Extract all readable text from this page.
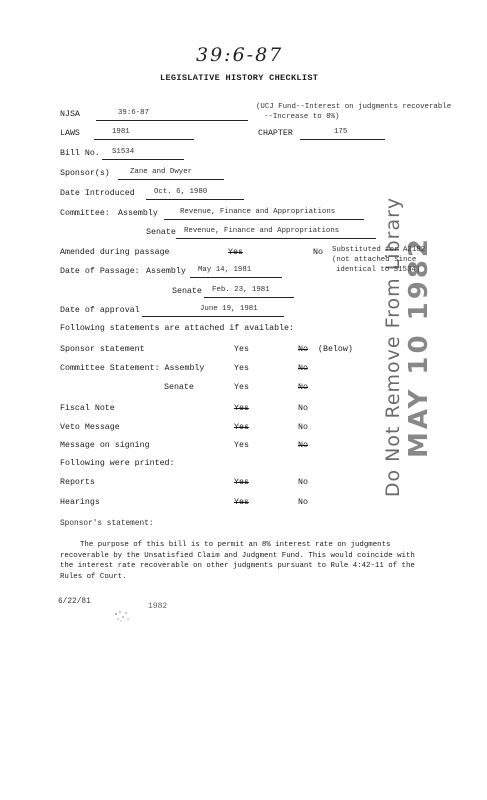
39:6-87
LEGISLATIVE HISTORY CHECKLIST
NJSA	39:6-87
(UCJ Fund--Interest on judgments recoverable
--Increase to 8%)
LAWS	1981	CHAPTER	175
Bill No. S1534
Sponsor(s)	Zane and Dwyer
Date Introduced	Oct. 6, 1980
Committee: Assembly	Revenue, Finance and Appropriations
Senate Revenue, Finance and Appropriations
Amended during passage	Yes	No Substituted for A2182
(not attached since
identical to S1534)
Date of Passage: Assembly May 14, 1981
Senate Feb. 23, 1981
Date of approval	June 19, 1981
Following statements are attached if available:
Sponsor statement	Yes	No (Below)
Committee Statement: Assembly	Yes	No
Senate	Yes	No
Fiscal Note	Yes	No
Veto Message	Yes	No
Message on signing	Yes	No
Following were printed:
Reports	Yes	No
Hearings	Yes	No
Sponsor's statement:
The purpose of this bill is to permit an 8% interest rate on judgments recoverable by the Unsatisfied Claim and Judgment Fund. This would coincide with the interest rate recoverable on other judgments pursuant to Rule 4:42-11 of the Rules of Court.
6/22/81	1982
Do Not Remove From Library MAY 10 1982
